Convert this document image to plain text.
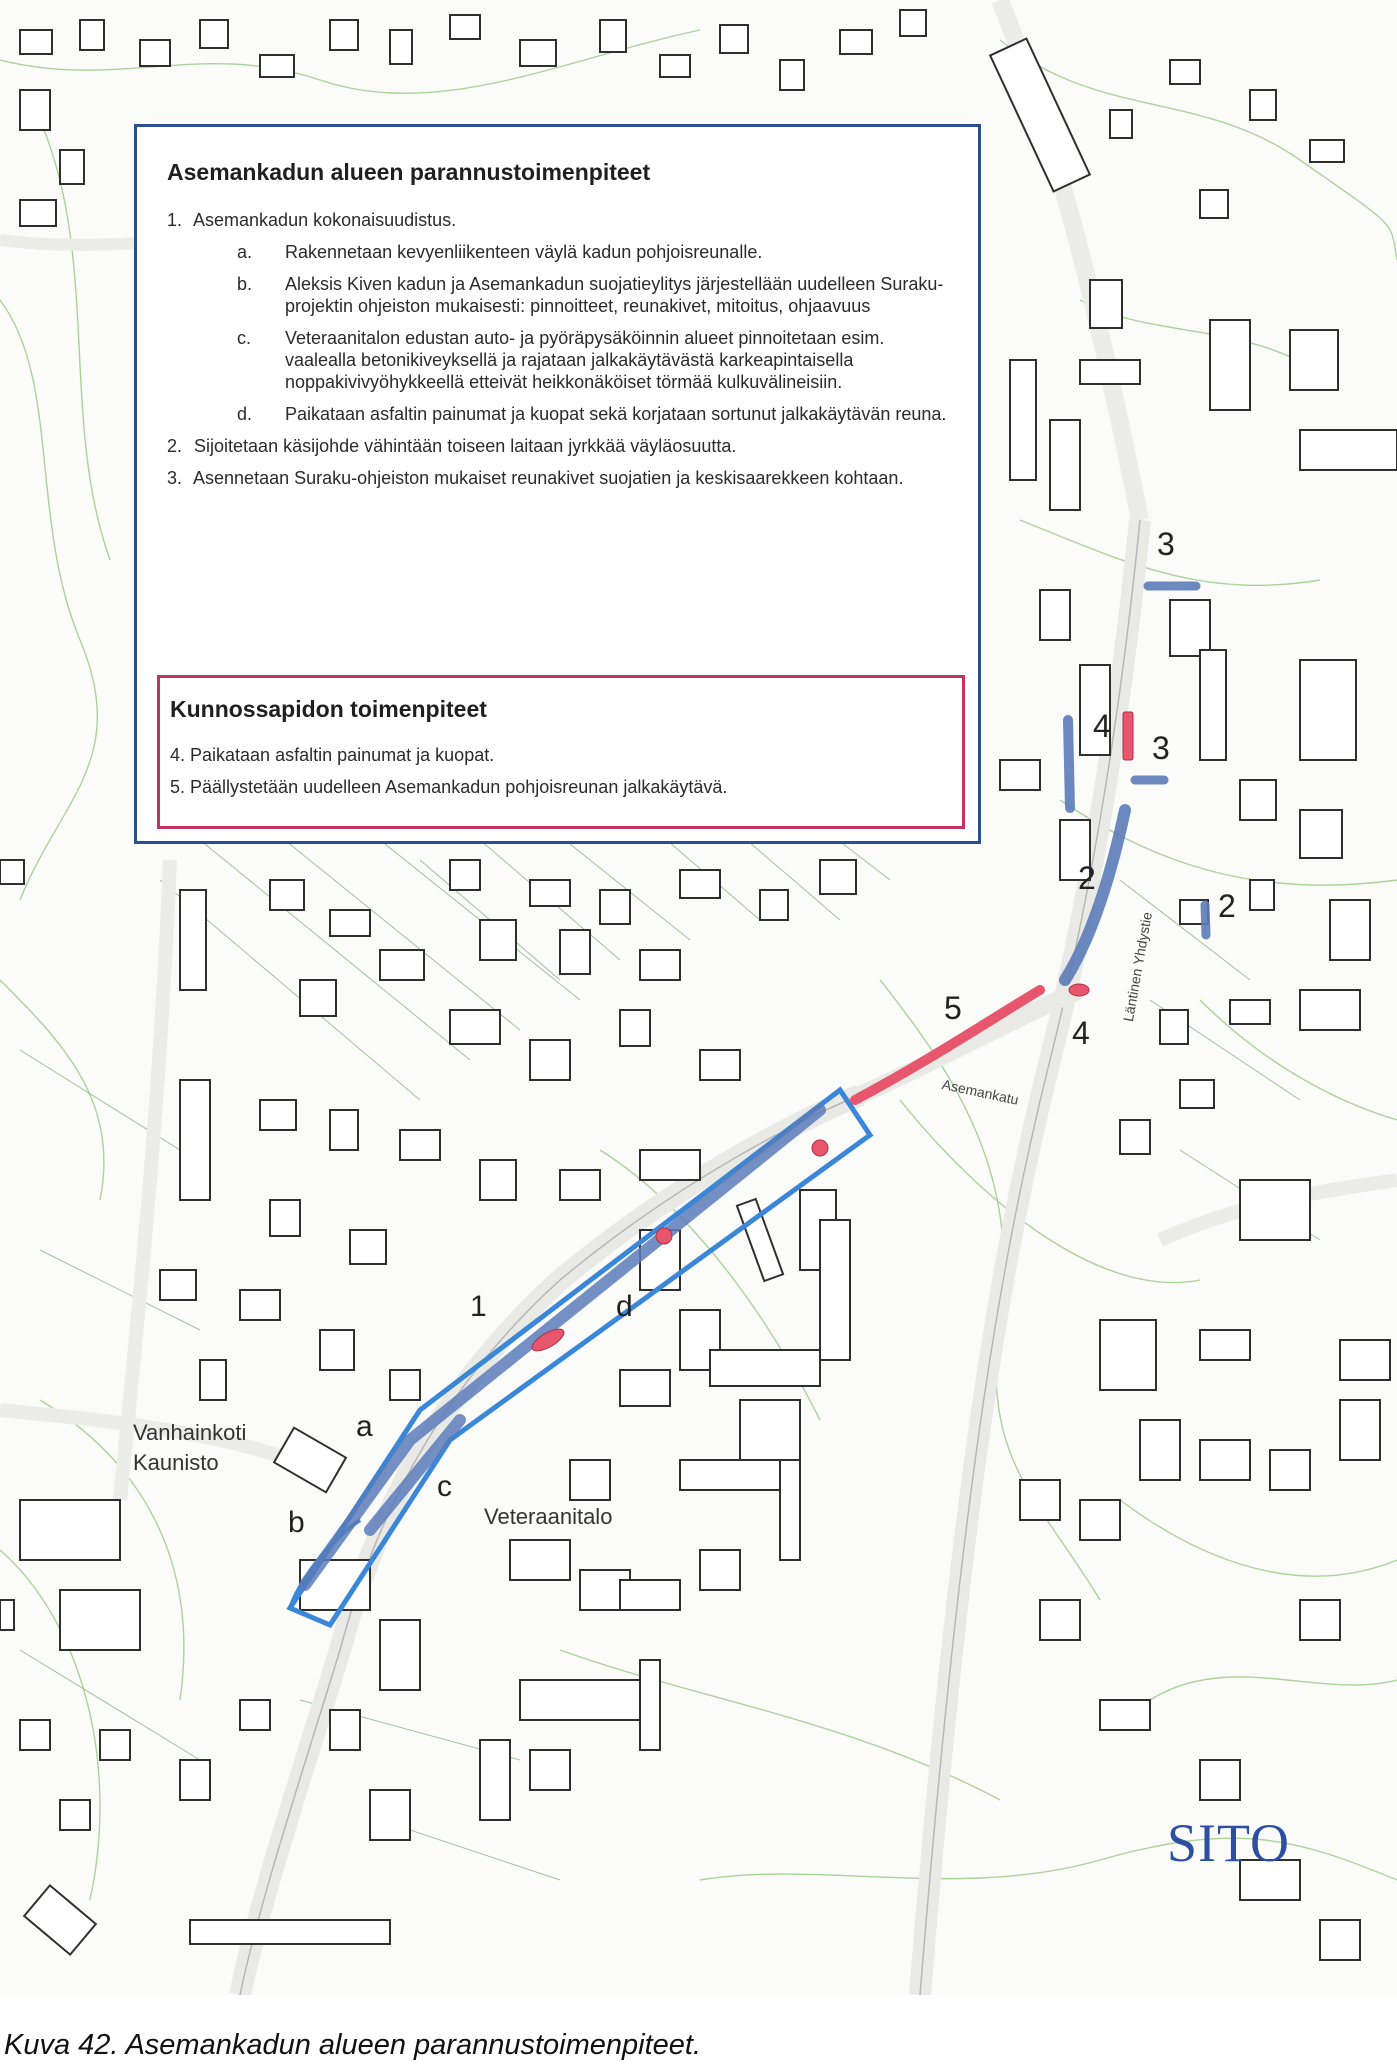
1
a
b
c
d
2
2
3
3
4
4
5
Vanhainkoti
Kaunisto
Veteraanitalo
Asemankatu
Läntinen Yhdystie
Asemankadun alueen parannustoimenpiteet
1. Asemankadun kokonaisuudistus.
a. Rakennetaan kevyenliikenteen väylä kadun pohjoisreunalle.
b. Aleksis Kiven kadun ja Asemankadun suojatieylitys järjestellään uudelleen Suraku-projektin ohjeiston mukaisesti: pinnoitteet, reunakivet, mitoitus, ohjaavuus
c. Veteraanitalon edustan auto- ja pyöräpysäköinnin alueet pinnoitetaan esim. vaalealla betonikiveyksellä ja rajataan jalkakäytävästä karkeapintaisella noppakivivyöhykkeellä etteivät heikkonäköiset törmää kulkuvälineisiin.
d. Paikataan asfaltin painumat ja kuopat sekä korjataan sortunut jalkakäytävän reuna.
2. Sijoitetaan käsijohde vähintään toiseen laitaan jyrkkää väyläosuutta.
3. Asennetaan Suraku-ohjeiston mukaiset reunakivet suojatien ja keskisaarekkeen kohtaan.
Kunnossapidon toimenpiteet
4. Paikataan asfaltin painumat ja kuopat.
5. Päällystetään uudelleen Asemankadun pohjoisreunan jalkakäytävä.
SITO
Kuva 42. Asemankadun alueen parannustoimenpiteet.
